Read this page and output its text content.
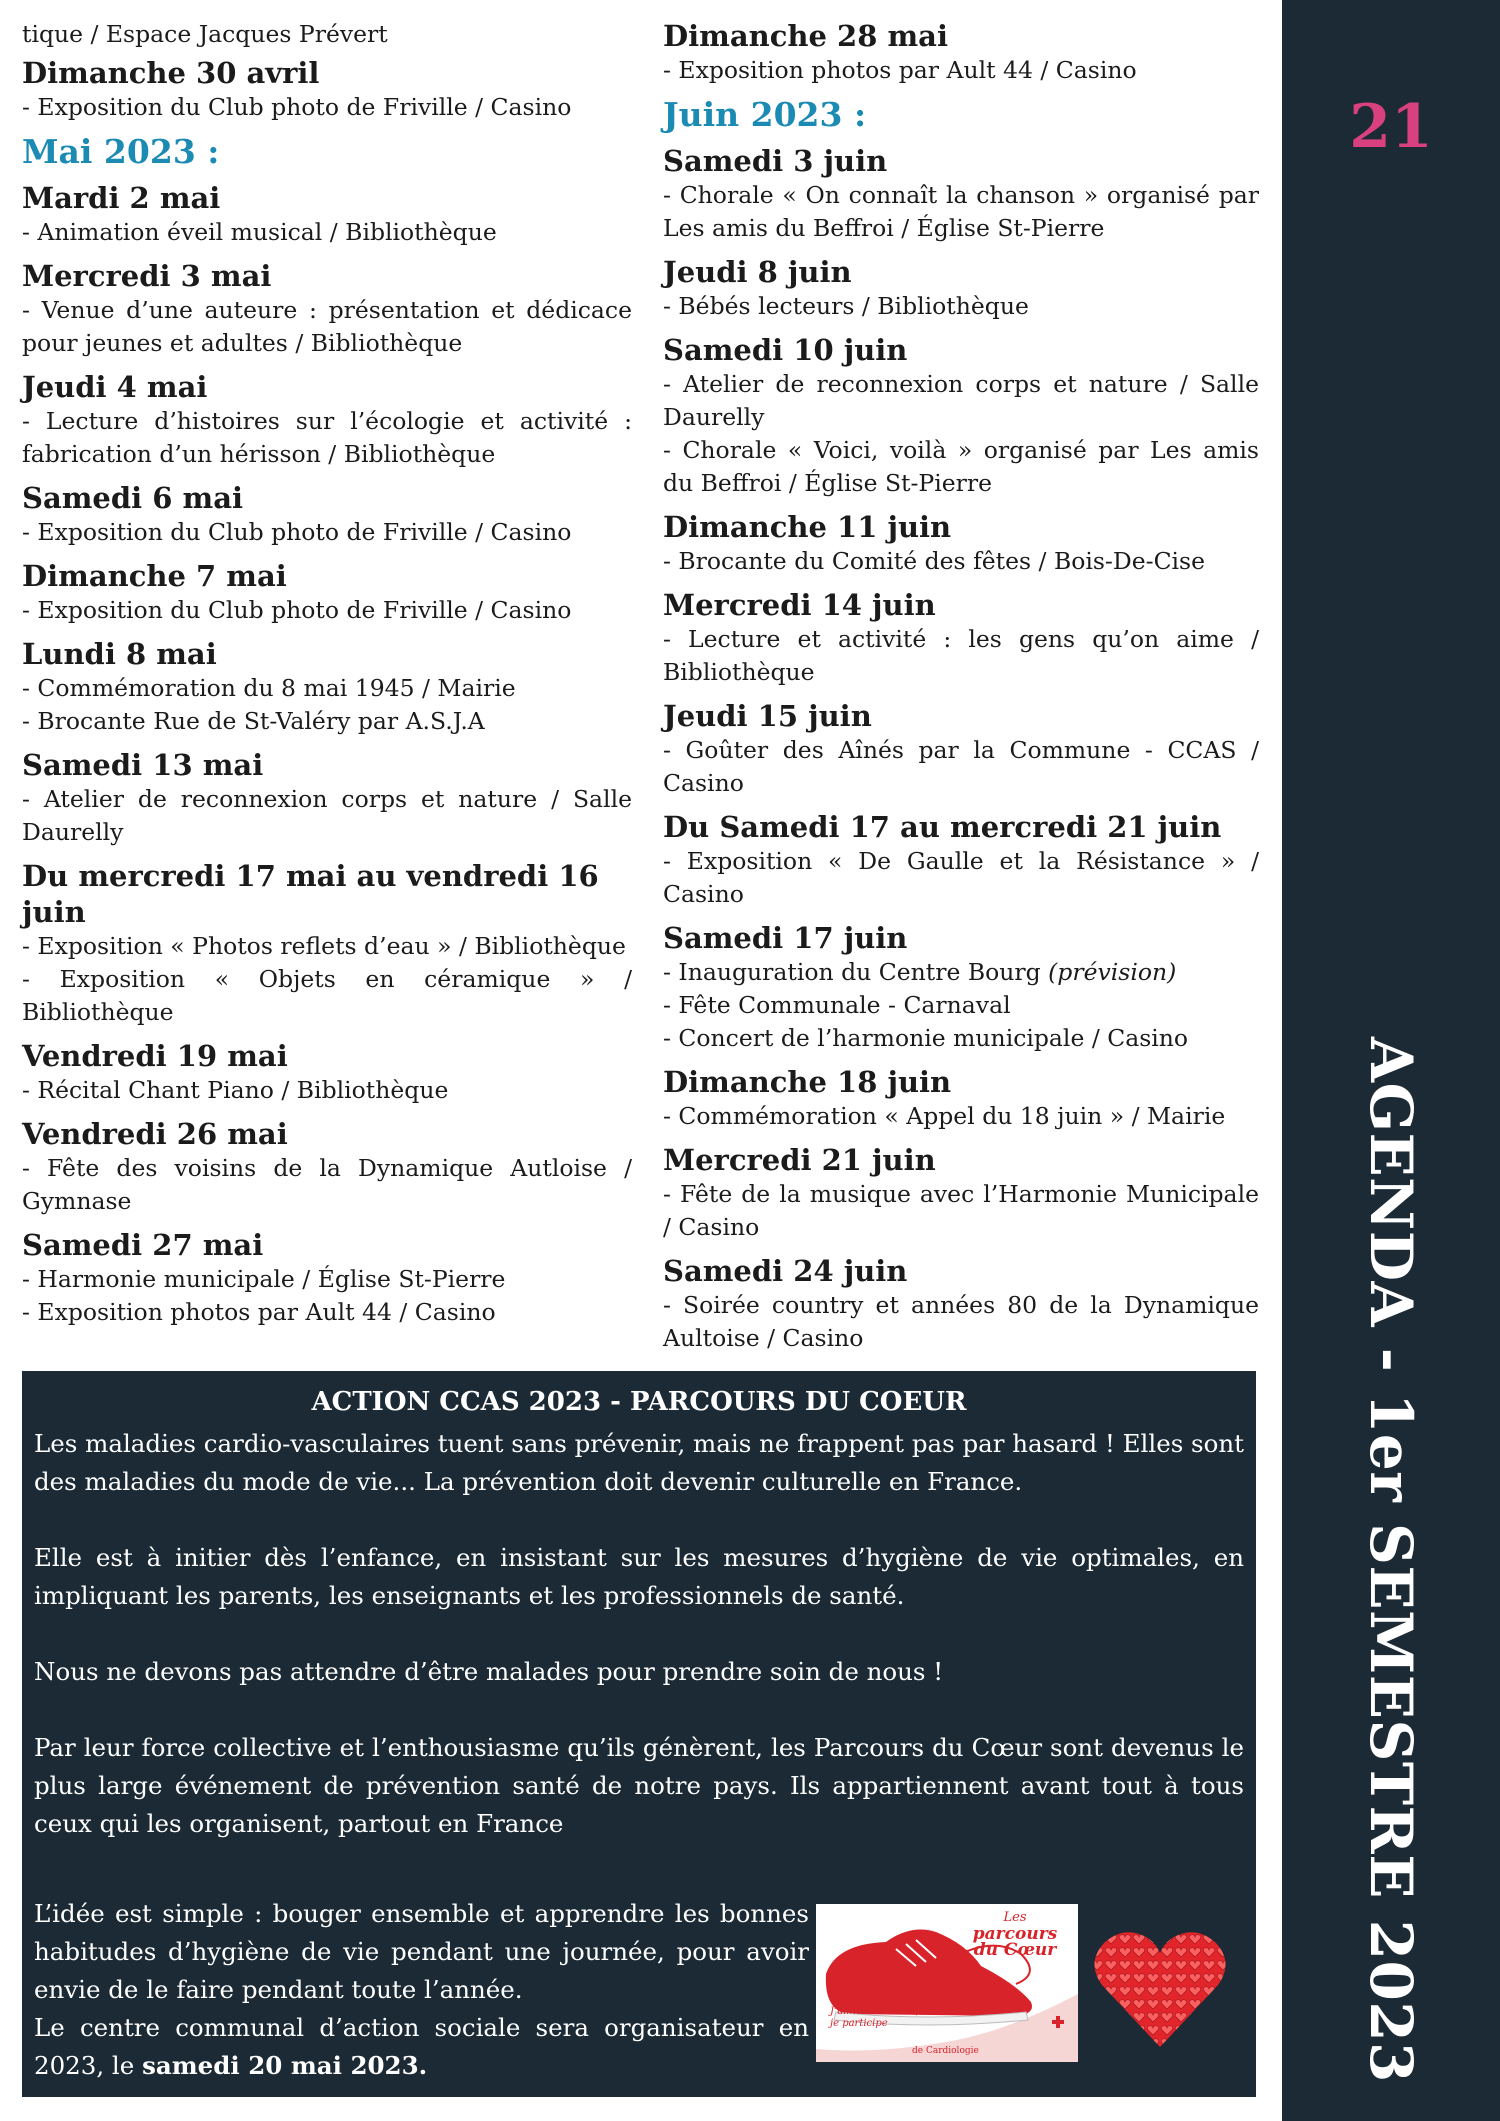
tique / Espace Jacques Prévert
Dimanche 30 avril
- Exposition du Club photo de Friville / Casino
Mai 2023 :
Mardi 2 mai
- Animation éveil musical / Bibliothèque
Mercredi 3 mai
- Venue d’une auteure : présentation et dédicace pour jeunes et adultes / Bibliothèque
Jeudi 4 mai
- Lecture d’histoires sur l’écologie et activité : fabrication d’un hérisson / Bibliothèque
Samedi 6 mai
- Exposition du Club photo de Friville / Casino
Dimanche 7 mai
- Exposition du Club photo de Friville / Casino
Lundi 8 mai
- Commémoration du 8 mai 1945 / Mairie
- Brocante Rue de St-Valéry par A.S.J.A
Samedi 13 mai
- Atelier de reconnexion corps et nature / Salle Daurelly
Du mercredi 17 mai au vendredi 16 juin
- Exposition « Photos reflets d’eau » / Bibliothèque
- Exposition « Objets en céramique » / Bibliothèque
Vendredi 19 mai
- Récital Chant Piano / Bibliothèque
Vendredi 26 mai
- Fête des voisins de la Dynamique Autloise / Gymnase
Samedi 27 mai
- Harmonie municipale / Église St-Pierre
- Exposition photos par Ault 44 / Casino
Dimanche 28 mai
- Exposition photos par Ault 44 / Casino
Juin 2023 :
Samedi 3 juin
- Chorale « On connaît la chanson » organisé par Les amis du Beffroi / Église St-Pierre
Jeudi 8 juin
- Bébés lecteurs / Bibliothèque
Samedi 10 juin
- Atelier de reconnexion corps et nature / Salle Daurelly
- Chorale « Voici, voilà » organisé par Les amis du Beffroi / Église St-Pierre
Dimanche 11 juin
- Brocante du Comité des fêtes / Bois-De-Cise
Mercredi 14 juin
- Lecture et activité : les gens qu’on aime / Bibliothèque
Jeudi 15 juin
- Goûter des Aînés par la Commune - CCAS / Casino
Du Samedi 17 au mercredi 21 juin
- Exposition « De Gaulle et la Résistance » / Casino
Samedi 17 juin
- Inauguration du Centre Bourg (prévision)
- Fête Communale - Carnaval
- Concert de l’harmonie municipale / Casino
Dimanche 18 juin
- Commémoration « Appel du 18 juin » / Mairie
Mercredi 21 juin
- Fête de la musique avec l’Harmonie Municipale / Casino
Samedi 24 juin
- Soirée country et années 80 de la Dynamique Aultoise / Casino
21
AGENDA - 1er SEMESTRE 2023
ACTION CCAS 2023 - PARCOURS DU COEUR

Les maladies cardio-vasculaires tuent sans prévenir, mais ne frappent pas par hasard ! Elles sont des maladies du mode de vie... La prévention doit devenir culturelle en France.

Elle est à initier dès l’enfance, en insistant sur les mesures d’hygiène de vie optimales, en impliquant les parents, les enseignants et les professionnels de santé.

Nous ne devons pas attendre d’être malades pour prendre soin de nous !

Par leur force collective et l’enthousiasme qu’ils génèrent, les Parcours du Cœur sont devenus le plus large événement de prévention santé de notre pays. Ils appartiennent avant tout à tous ceux qui les organisent, partout en France

L’idée est simple : bouger ensemble et apprendre les bonnes habitudes d’hygiène de vie pendant une journée, pour avoir envie de le faire pendant toute l’année.

Le centre communal d’action sociale sera organisateur en 2023, le samedi 20 mai 2023.

Les
parcours
du Cœur
J’aime mon cœur,
je participe
de Cardiologie
